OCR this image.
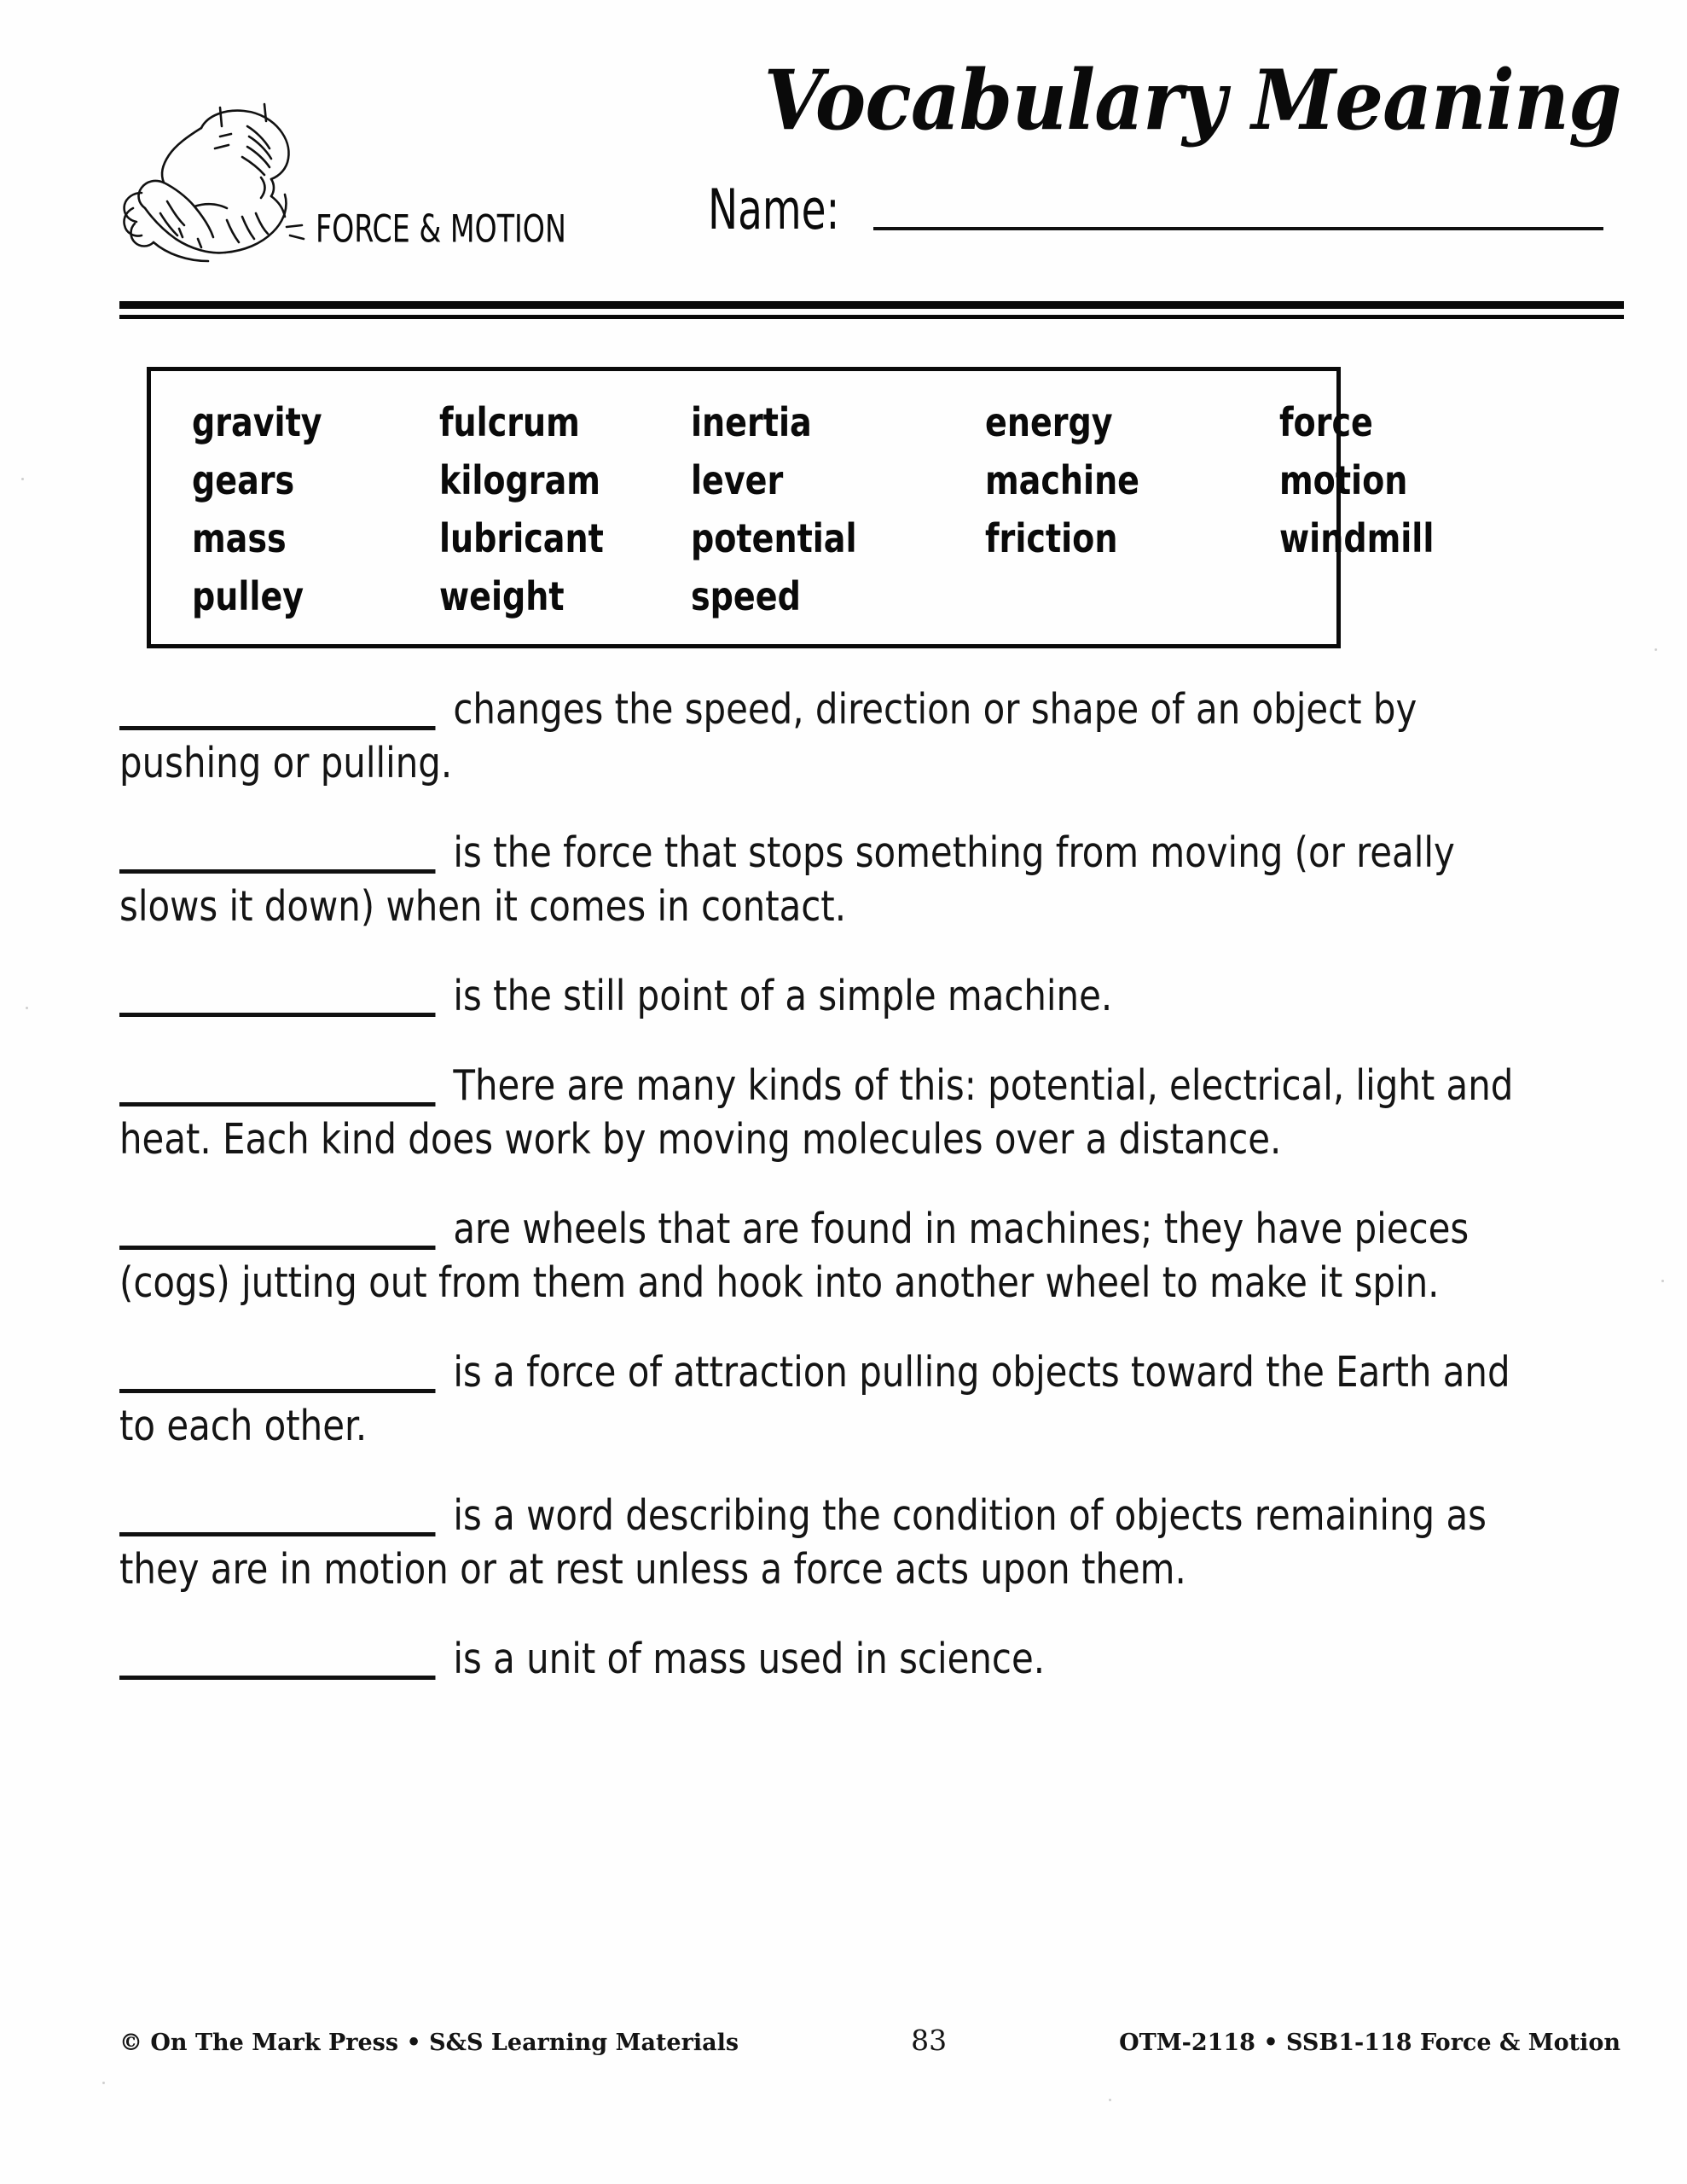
Vocabulary Meaning
FORCE & MOTION	Name:
gravity	fulcrum	inertia	energy	force
gears	kilogram	lever	machine	motion
mass	lubricant	potential	friction	windmill
pulley	weight	speed
changes the speed, direction or shape of an object by pushing or pulling.
is the force that stops something from moving (or really slows it down) when it comes in contact.
is the still point of a simple machine.
There are many kinds of this: potential, electrical, light and heat. Each kind does work by moving molecules over a distance.
are wheels that are found in machines; they have pieces (cogs) jutting out from them and hook into another wheel to make it spin.
is a force of attraction pulling objects toward the Earth and to each other.
is a word describing the condition of objects remaining as they are in motion or at rest unless a force acts upon them.
is a unit of mass used in science.
© On The Mark Press • S&S Learning Materials	83	OTM-2118 • SSB1-118 Force & Motion
